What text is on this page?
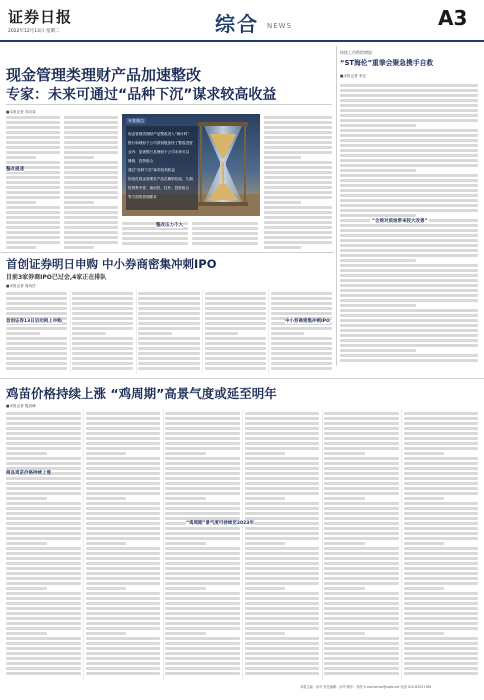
证券日报
2022年12月13日 星期二	综合 NEWS	A3
现金管理类理财产品加速整改
专家：未来可通过“品种下沉”谋求较高收益
■本报记者 苏向杲
整改提速
专家观点
现金管理类理财产品整改进入“倒计时”
银行和理财子公司须积极加快了整改进度
业内：显著银行及理财子公司未来可以
摊销、投资组合
通过“品种下沉”谋求较高收益
如优化现金管理类产品在摊销估值、久期、
投资集中度、流动性、杠杆、投资组合
等方面的管理要求
整改压力不大
持续上市供给增加
“ST海伦”重拳会聚急携手自救
■本报记者 李正
“合规对质地带来较大改善”
首创证券明日申购 中小券商密集冲刺IPO
目前3家券商IPO已过会,4家正在排队
■本报记者 周尚伃
首创证券13日启动网上申购	中小券商密集冲刺IPO
鸡苗价格持续上涨 “鸡周期”高景气度或延至明年
■本报记者 殷高峰
商品鸡苗价格持续上涨
“鸡周期”景气度可持续至2023年
本版主编：孙华 责任编辑：孙华 制作：李波 E-mail:zmzx@zqrb.net 电话 010-83251785
